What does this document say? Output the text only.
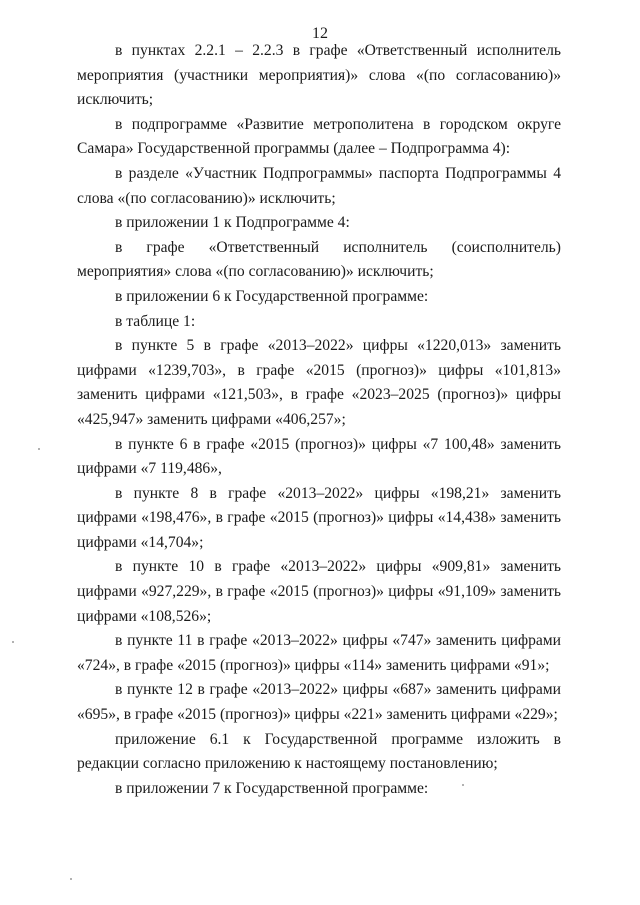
12

в пунктах 2.2.1 – 2.2.3 в графе «Ответственный исполнитель мероприятия (участники мероприятия)» слова «(по согласованию)» исключить;

в подпрограмме «Развитие метрополитена в городском округе Самара» Государственной программы (далее – Подпрограмма 4):

в разделе «Участник Подпрограммы» паспорта Подпрограммы 4 слова «(по согласованию)» исключить;

в приложении 1 к Подпрограмме 4:

в графе «Ответственный исполнитель (соисполнитель) мероприятия» слова «(по согласованию)» исключить;

в приложении 6 к Государственной программе:

в таблице 1:

в пункте 5 в графе «2013–2022» цифры «1220,013» заменить цифрами «1239,703», в графе «2015 (прогноз)» цифры «101,813» заменить цифрами «121,503», в графе «2023–2025 (прогноз)» цифры «425,947» заменить цифрами «406,257»;

в пункте 6 в графе «2015 (прогноз)» цифры «7 100,48» заменить цифрами «7 119,486»,

в пункте 8 в графе «2013–2022» цифры «198,21» заменить цифрами «198,476», в графе «2015 (прогноз)» цифры «14,438» заменить цифрами «14,704»;

в пункте 10 в графе «2013–2022» цифры «909,81» заменить цифрами «927,229», в графе «2015 (прогноз)» цифры «91,109» заменить цифрами «108,526»;

в пункте 11 в графе «2013–2022» цифры «747» заменить цифрами «724», в графе «2015 (прогноз)» цифры «114» заменить цифрами «91»;

в пункте 12 в графе «2013–2022» цифры «687» заменить цифрами «695», в графе «2015 (прогноз)» цифры «221» заменить цифрами «229»;

приложение 6.1 к Государственной программе изложить в редакции согласно приложению к настоящему постановлению;

в приложении 7 к Государственной программе:
